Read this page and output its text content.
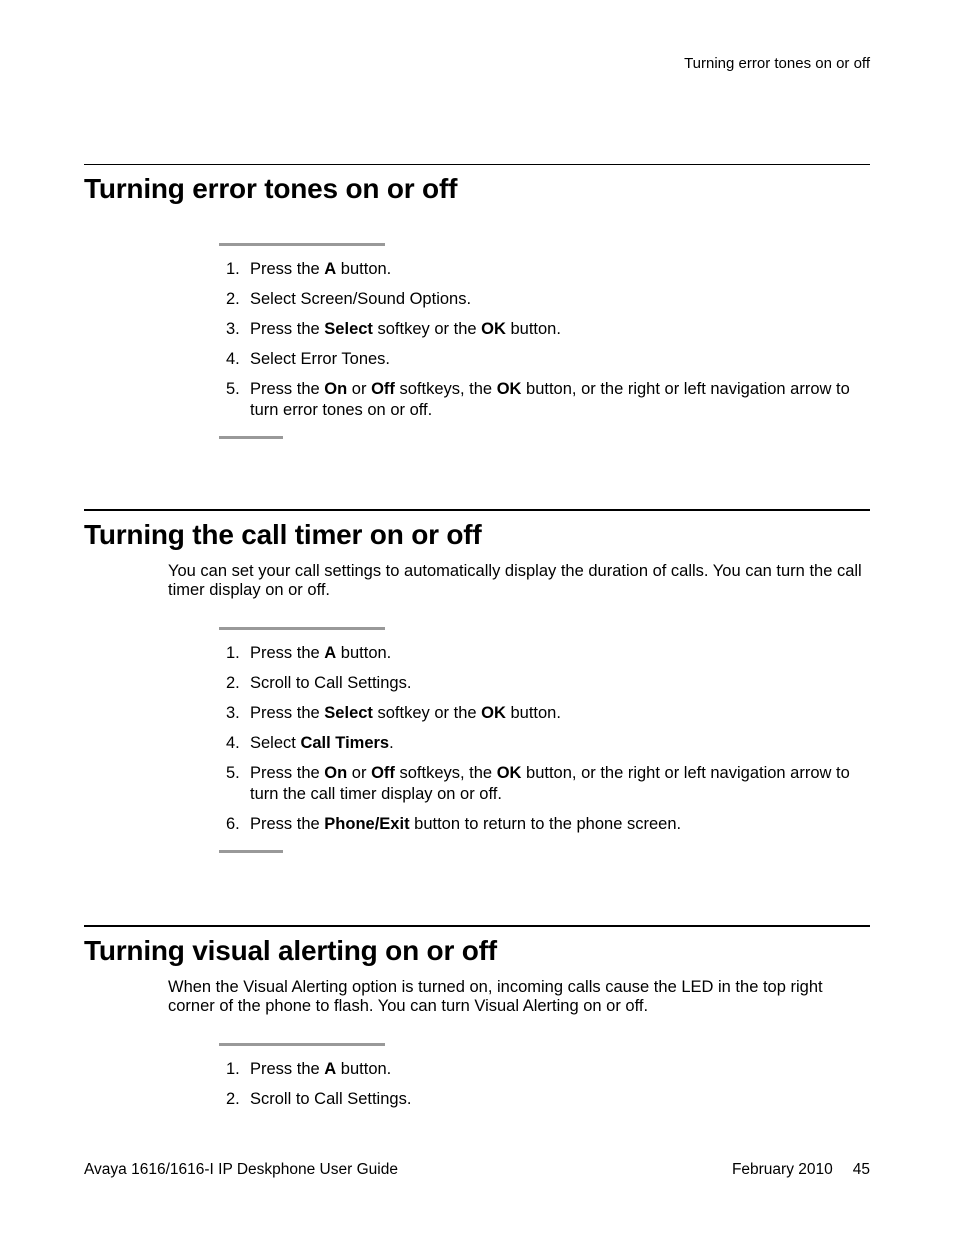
Turning error tones on or off
Turning error tones on or off
1. Press the A button.
2. Select Screen/Sound Options.
3. Press the Select softkey or the OK button.
4. Select Error Tones.
5. Press the On or Off softkeys, the OK button, or the right or left navigation arrow to turn error tones on or off.
Turning the call timer on or off

You can set your call settings to automatically display the duration of calls. You can turn the call timer display on or off.

1. Press the A button.
2. Scroll to Call Settings.
3. Press the Select softkey or the OK button.
4. Select Call Timers.
5. Press the On or Off softkeys, the OK button, or the right or left navigation arrow to turn the call timer display on or off.
6. Press the Phone/Exit button to return to the phone screen.
Turning visual alerting on or off

When the Visual Alerting option is turned on, incoming calls cause the LED in the top right corner of the phone to flash. You can turn Visual Alerting on or off.

1. Press the A button.
2. Scroll to Call Settings.
Avaya 1616/1616-I IP Deskphone User Guide	February 2010 45
